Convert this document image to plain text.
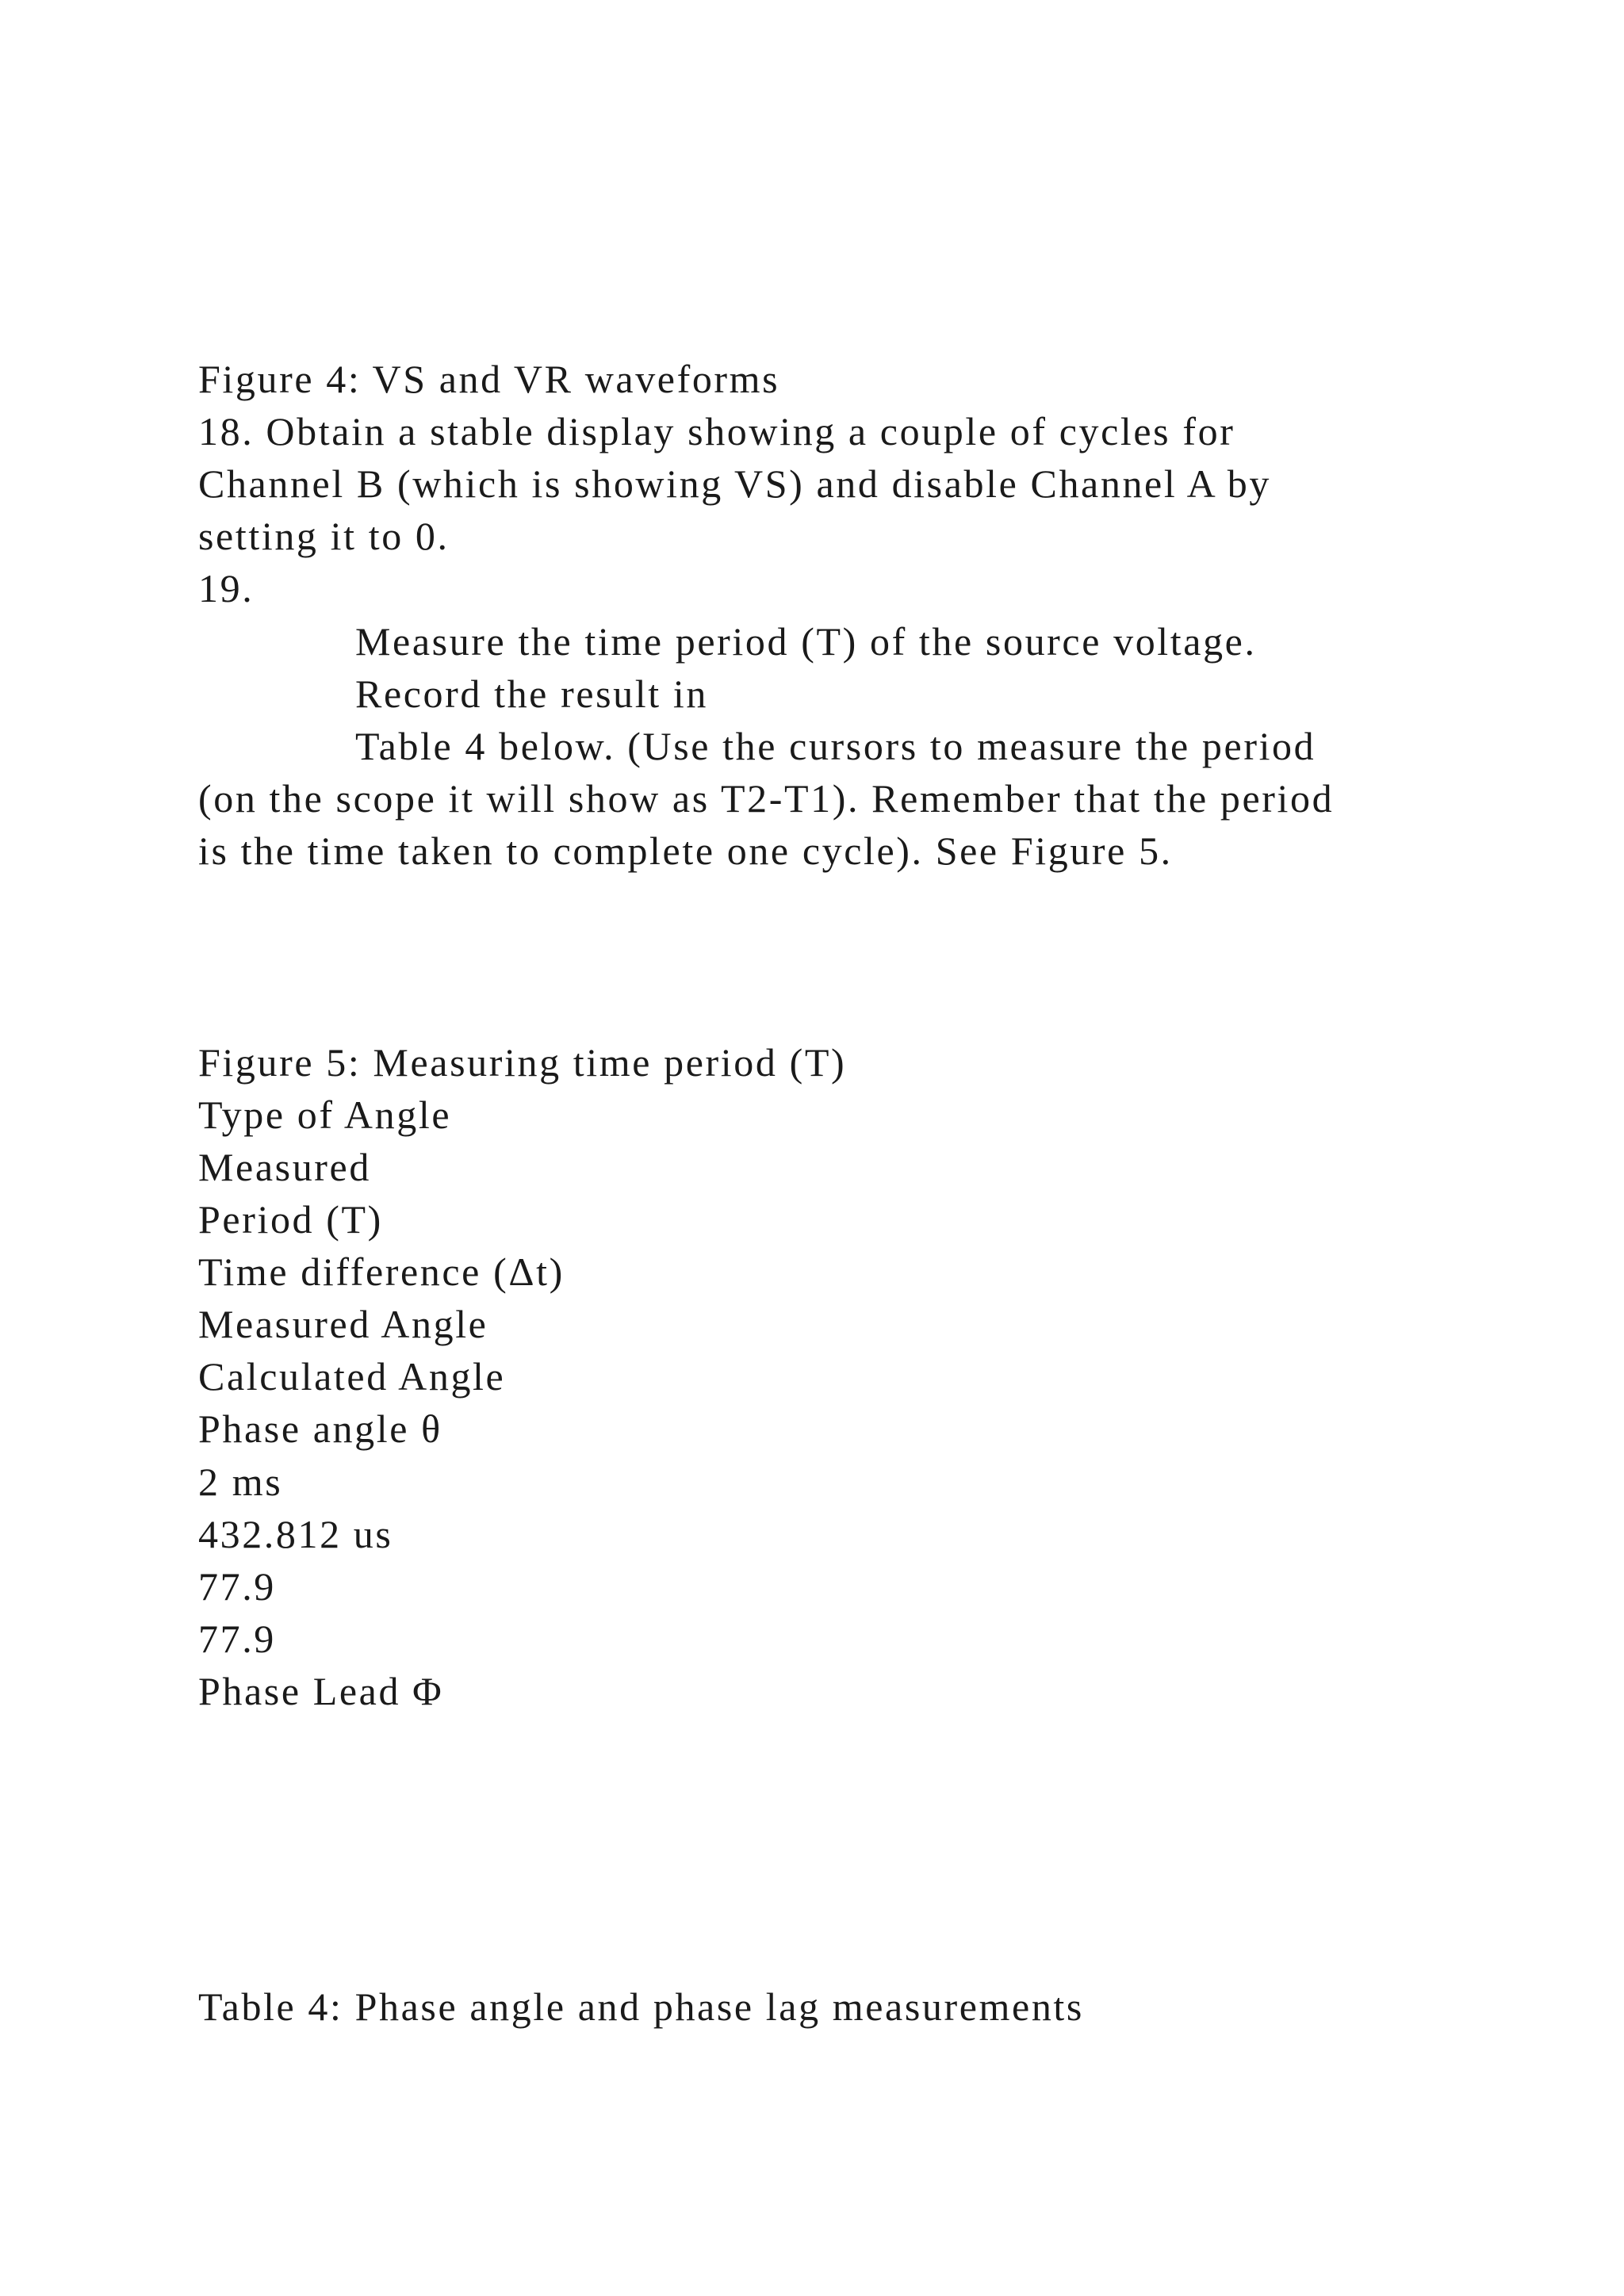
Figure 4: VS and VR waveforms
18. Obtain a stable display showing a couple of cycles for
Channel B (which is showing VS) and disable Channel A by
setting it to 0.
19.
Measure the time period (T) of the source voltage.
Record the result in
Table 4 below. (Use the cursors to measure the period
(on the scope it will show as T2-T1). Remember that the period
is the time taken to complete one cycle). See Figure 5.
Figure 5: Measuring time period (T)
Type of Angle
Measured
Period (T)
Time difference (Δt)
Measured Angle
Calculated Angle
Phase angle θ
2 ms
432.812 us
77.9
77.9
Phase Lead Φ
Table 4: Phase angle and phase lag measurements
